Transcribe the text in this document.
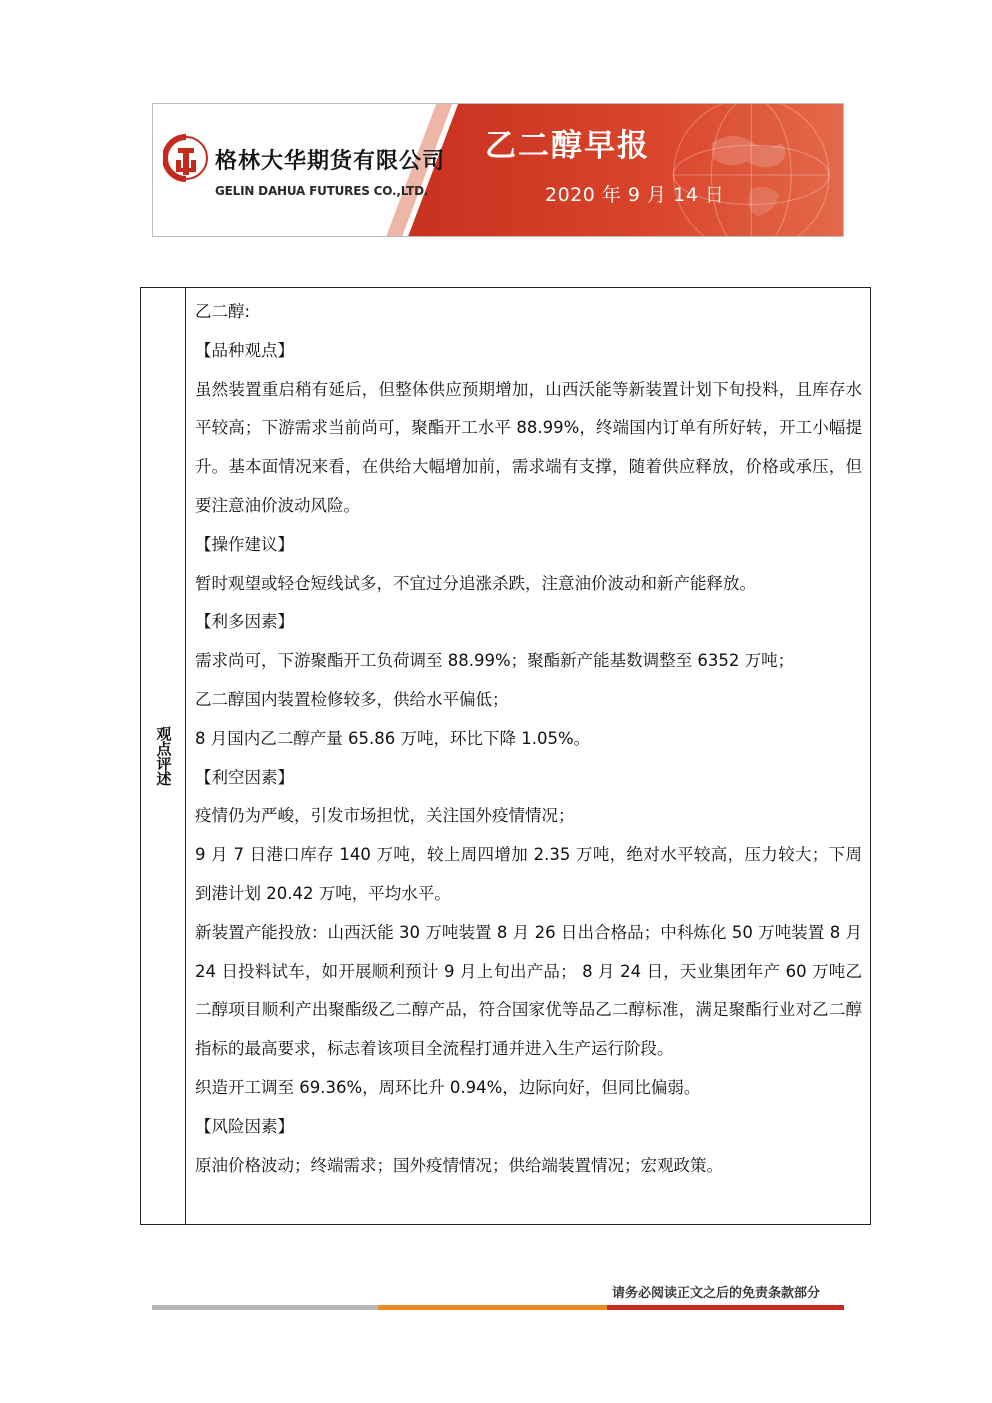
格林大华期货有限公司
GELIN DAHUA FUTURES CO.,LTD.
乙二醇早报
2020 年 9 月 14 日
观点评述

乙二醇:

【品种观点】

虽然装置重启稍有延后，但整体供应预期增加，山西沃能等新装置计划下旬投料，且库存水平较高；下游需求当前尚可，聚酯开工水平 88.99%，终端国内订单有所好转，开工小幅提升。基本面情况来看，在供给大幅增加前，需求端有支撑，随着供应释放，价格或承压，但要注意油价波动风险。

【操作建议】

暂时观望或轻仓短线试多，不宜过分追涨杀跌，注意油价波动和新产能释放。

【利多因素】

需求尚可，下游聚酯开工负荷调至 88.99%；聚酯新产能基数调整至 6352 万吨；

乙二醇国内装置检修较多，供给水平偏低；

8 月国内乙二醇产量 65.86 万吨，环比下降 1.05%。

【利空因素】

疫情仍为严峻，引发市场担忧，关注国外疫情情况；

9 月 7 日港口库存 140 万吨，较上周四增加 2.35 万吨，绝对水平较高，压力较大；下周到港计划 20.42 万吨，平均水平。

新装置产能投放：山西沃能 30 万吨装置 8 月 26 日出合格品；中科炼化 50 万吨装置 8 月 24 日投料试车，如开展顺利预计 9 月上旬出产品； 8 月 24 日，天业集团年产 60 万吨乙二醇项目顺利产出聚酯级乙二醇产品，符合国家优等品乙二醇标准，满足聚酯行业对乙二醇指标的最高要求，标志着该项目全流程打通并进入生产运行阶段。

织造开工调至 69.36%，周环比升 0.94%，边际向好，但同比偏弱。

【风险因素】

原油价格波动；终端需求；国外疫情情况；供给端装置情况；宏观政策。

请务必阅读正文之后的免责条款部分
